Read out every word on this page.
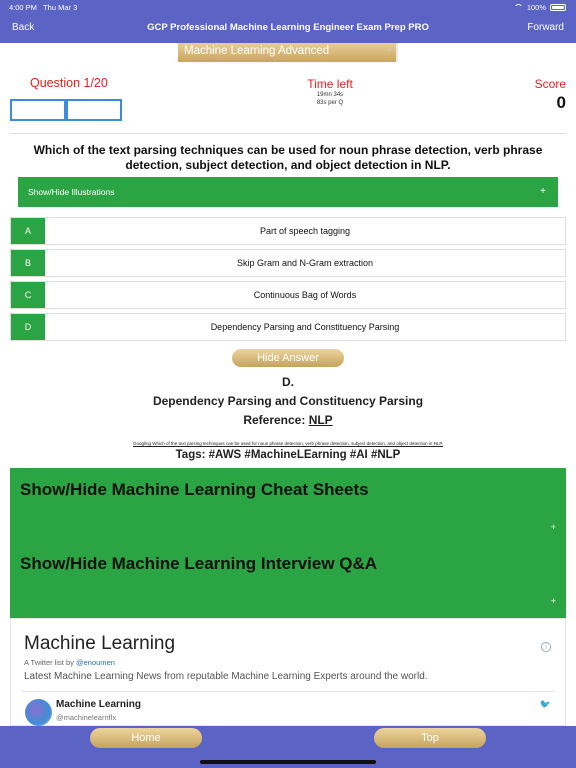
4:00 PM Thu Mar 3	100%
Back	GCP Professional Machine Learning Engineer Exam Prep PRO	Forward
Machine Learning Advanced	⌄
Question 1/20	Time left
19mn 34s
83s per Q
Score
0
Which of the text parsing techniques can be used for noun phrase detection, verb phrase detection, subject detection, and object detection in NLP.
Show/Hide Illustrations	+
A	Part of speech tagging
B	Skip Gram and N-Gram extraction
C	Continuous Bag of Words
D	Dependency Parsing and Constituency Parsing
Hide Answer
D.
Dependency Parsing and Constituency Parsing
Reference: NLP
Googling Which of the text parsing techniques can be used for noun phrase detection, verb phrase detection, subject detection, and object detection in NLP.
Tags: #AWS #MachineLEarning #AI #NLP
Show/Hide Machine Learning Cheat Sheets
+
Show/Hide Machine Learning Interview Q&A
+
Machine Learning	i
A Twitter list by @enoumen
Latest Machine Learning News from reputable Machine Learning Experts around the world.
Machine Learning
@machinelearnflx
🐦
Home	Top
